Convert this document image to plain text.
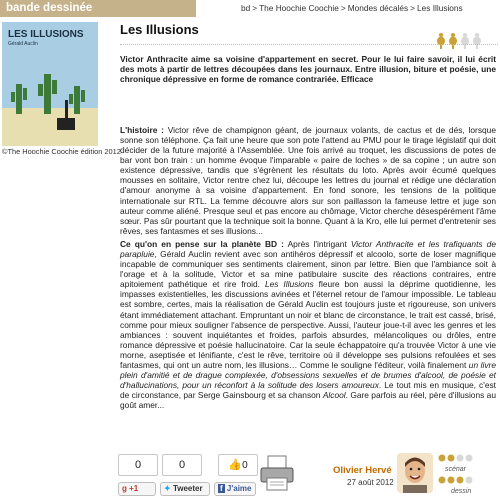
bande dessinée	bd > The Hoochie Coochie > Mondes décalés > Les Illusions
LES ILLUSIONS
Gérald Auclin
©The Hoochie Coochie édition 2012
Les Illusions

Victor Anthracite aime sa voisine d'appartement en secret. Pour le lui faire savoir, il lui écrit des mots à partir de lettres découpées dans les journaux. Entre illusion, biture et poésie, une chronique dépressive en forme de romance contrariée. Efficace

L'histoire : Victor rêve de champignon géant, de journaux volants, de cactus et de dés, lorsque sonne son téléphone. Ça fait une heure que son pote l'attend au PMU pour le tirage législatif qui doit décider de la future majorité à l'Assemblée. Une fois arrivé au troquet, les discussions de potes de bar vont bon train : un homme évoque l'imparable « paire de loches » de sa copine ; un autre son existence dépressive, tandis que s'égrènent les résultats du loto. Après avoir écumé quelques mousses en solitaire, Victor rentre chez lui, découpe les lettres du journal et rédige une déclaration d'amour anonyme à sa voisine d'appartement. En fond sonore, les tensions de la politique internationale sur RTL. La femme découvre alors sur son paillasson la fameuse lettre et juge son auteur comme aliéné. Presque seul et pas encore au chômage, Victor cherche désespérément l'âme sœur. Pas sûr pourtant que la technique soit la bonne. Quant à la Kro, elle lui permet d'entretenir ses rêves, ses fantasmes et ses illusions...

Ce qu'on en pense sur la planète BD : Après l'intrigant Victor Anthracite et les trafiquants de parapluie, Gérald Auclin revient avec son antihéros dépressif et alcoolo, sorte de loser magnifique incapable de communiquer ses sentiments clairement, sinon par lettre. Bien que l'ambiance soit à l'orage et à la solitude, Victor et sa mine patibulaire suscite des réactions contraires, entre apitoiement pathétique et rire froid. Les Illusions fleure bon aussi la déprime quotidienne, les impasses existentielles, les discussions avinées et l'éternel retour de l'amour impossible. Le tableau est sombre, certes, mais la réalisation de Gérald Auclin est toujours juste et rigoureuse, son univers étant immédiatement attachant. Empruntant un noir et blanc de circonstance, le trait est cassé, brisé, comme pour mieux souligner l'absence de perspective. Aussi, l'auteur joue-t-il avec les genres et les ambiances : souvent inquiétantes et froides, parfois absurdes, mélancoliques ou drôles, entre romance dépressive et poésie hallucinatoire. Car la seule échappatoire qu'a trouvée Victor à une vie morne, aseptisée et lénifiante, c'est le rêve, territoire où il développe ses pulsions refoulées et ses fantasmes, qui ont un autre nom, les illusions… Comme le souligne l'éditeur, voilà finalement un livre plein d'amitié et de drague complexée, d'obsessions sexuelles et de brumes d'alcool, de poésie et d'hallucinations, pour un réconfort à la solitude des losers amoureux. Le tout mis en musique, c'est de circonstance, par Serge Gainsbourg et sa chanson Alcool. Gare parfois au réel, père d'illusions au goût amer...

0	0	👍0
g +1	✦ Tweeter	f J'aime
Olivier Hervé
27 août 2012
scénar
dessin
